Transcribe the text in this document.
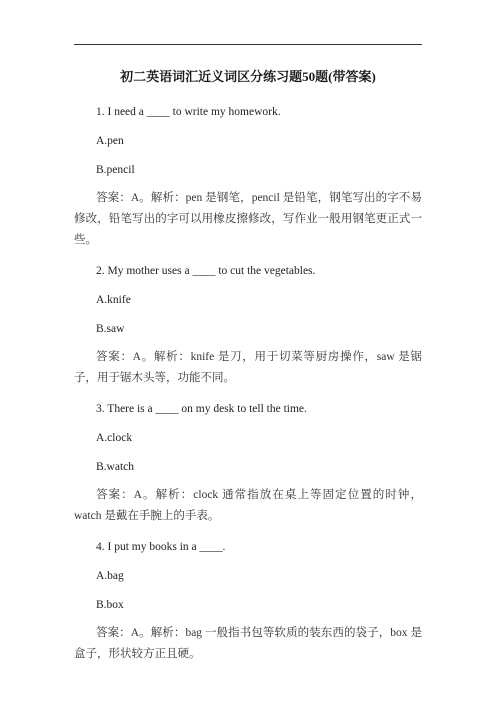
初二英语词汇近义词区分练习题50题(带答案)
1. I need a ____ to write my homework.
A.pen
B.pencil
答案：A。解析：pen 是钢笔，pencil 是铅笔，钢笔写出的字不易修改，铅笔写出的字可以用橡皮擦修改，写作业一般用钢笔更正式一些。
2. My mother uses a ____ to cut the vegetables.
A.knife
B.saw
答案：A。解析：knife 是刀，用于切菜等厨房操作，saw 是锯子，用于锯木头等，功能不同。
3. There is a ____ on my desk to tell the time.
A.clock
B.watch
答案：A。解析：clock 通常指放在桌上等固定位置的时钟，watch 是戴在手腕上的手表。
4. I put my books in a ____.
A.bag
B.box
答案：A。解析：bag 一般指书包等软质的装东西的袋子，box 是盒子，形状较方正且硬。
